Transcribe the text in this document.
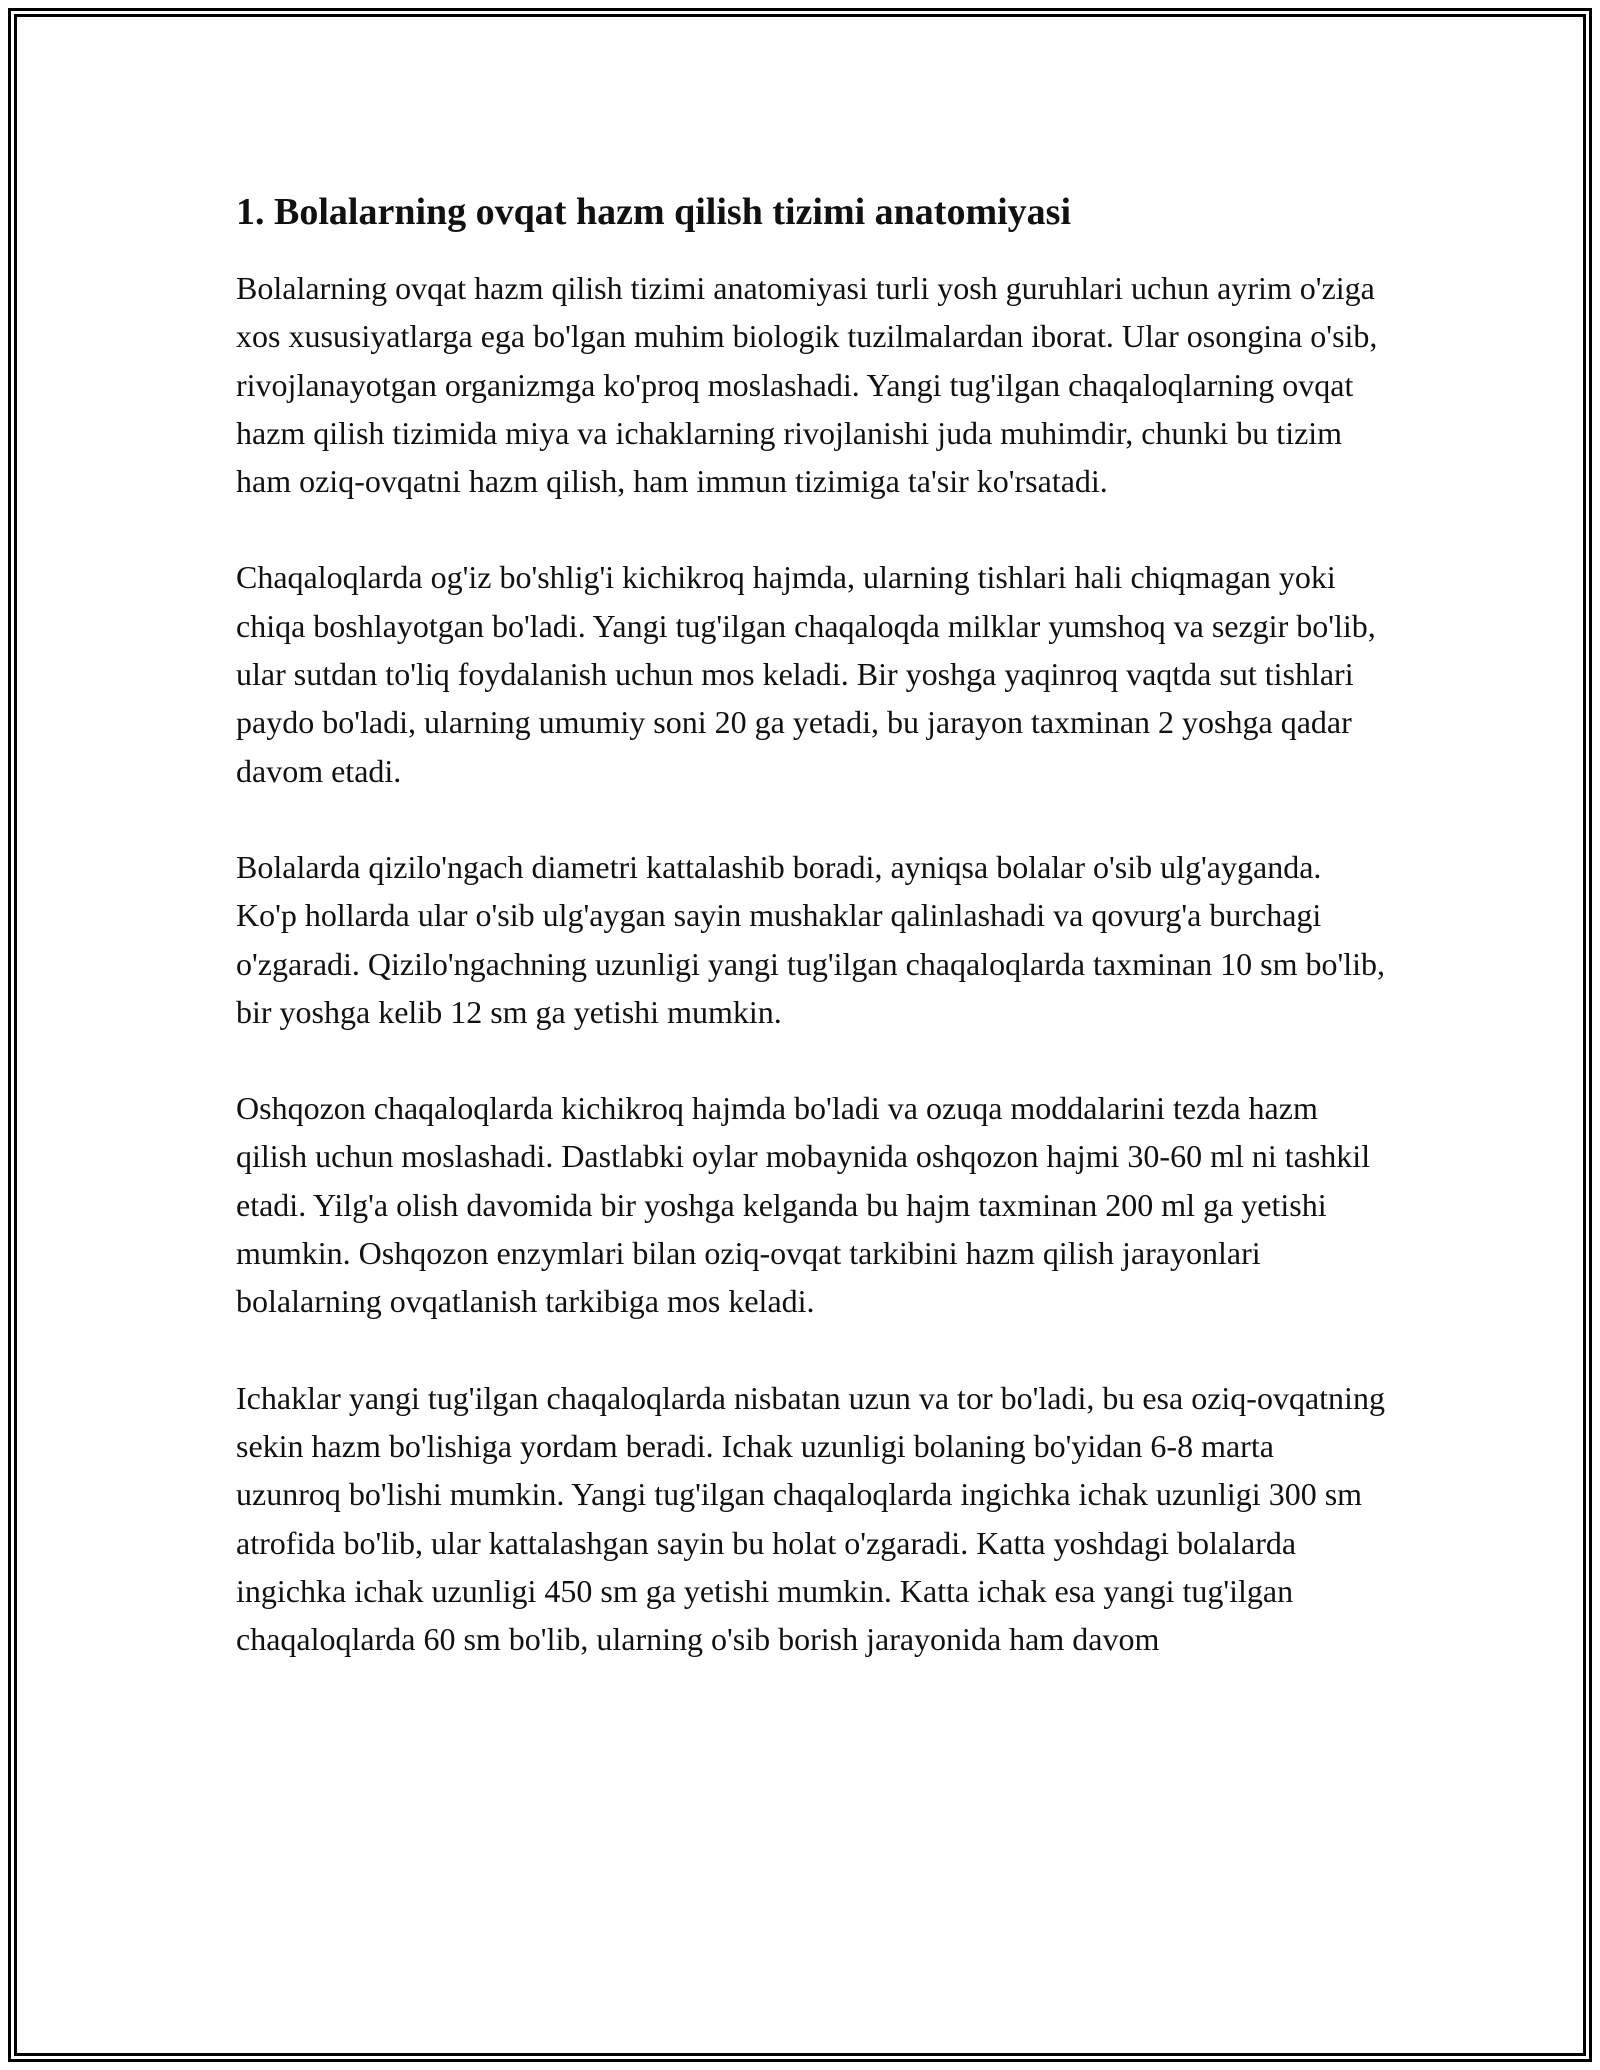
1. Bolalarning ovqat hazm qilish tizimi anatomiyasi

Bolalarning ovqat hazm qilish tizimi anatomiyasi turli yosh guruhlari uchun ayrim o'ziga xos xususiyatlarga ega bo'lgan muhim biologik tuzilmalardan iborat. Ular osongina o'sib, rivojlanayotgan organizmga ko'proq moslashadi. Yangi tug'ilgan chaqaloqlarning ovqat hazm qilish tizimida miya va ichaklarning rivojlanishi juda muhimdir, chunki bu tizim ham oziq-ovqatni hazm qilish, ham immun tizimiga ta'sir ko'rsatadi.

Chaqaloqlarda og'iz bo'shlig'i kichikroq hajmda, ularning tishlari hali chiqmagan yoki chiqa boshlayotgan bo'ladi. Yangi tug'ilgan chaqaloqda milklar yumshoq va sezgir bo'lib, ular sutdan to'liq foydalanish uchun mos keladi. Bir yoshga yaqinroq vaqtda sut tishlari paydo bo'ladi, ularning umumiy soni 20 ga yetadi, bu jarayon taxminan 2 yoshga qadar davom etadi.

Bolalarda qizilo'ngach diametri kattalashib boradi, ayniqsa bolalar o'sib ulg'ayganda. Ko'p hollarda ular o'sib ulg'aygan sayin mushaklar qalinlashadi va qovurg'a burchagi o'zgaradi. Qizilo'ngachning uzunligi yangi tug'ilgan chaqaloqlarda taxminan 10 sm bo'lib, bir yoshga kelib 12 sm ga yetishi mumkin.

Oshqozon chaqaloqlarda kichikroq hajmda bo'ladi va ozuqa moddalarini tezda hazm qilish uchun moslashadi. Dastlabki oylar mobaynida oshqozon hajmi 30-60 ml ni tashkil etadi. Yilg'a olish davomida bir yoshga kelganda bu hajm taxminan 200 ml ga yetishi mumkin. Oshqozon enzymlari bilan oziq-ovqat tarkibini hazm qilish jarayonlari bolalarning ovqatlanish tarkibiga mos keladi.

Ichaklar yangi tug'ilgan chaqaloqlarda nisbatan uzun va tor bo'ladi, bu esa oziq-ovqatning sekin hazm bo'lishiga yordam beradi. Ichak uzunligi bolaning bo'yidan 6-8 marta uzunroq bo'lishi mumkin. Yangi tug'ilgan chaqaloqlarda ingichka ichak uzunligi 300 sm atrofida bo'lib, ular kattalashgan sayin bu holat o'zgaradi. Katta yoshdagi bolalarda ingichka ichak uzunligi 450 sm ga yetishi mumkin. Katta ichak esa yangi tug'ilgan chaqaloqlarda 60 sm bo'lib, ularning o'sib borish jarayonida ham davom
